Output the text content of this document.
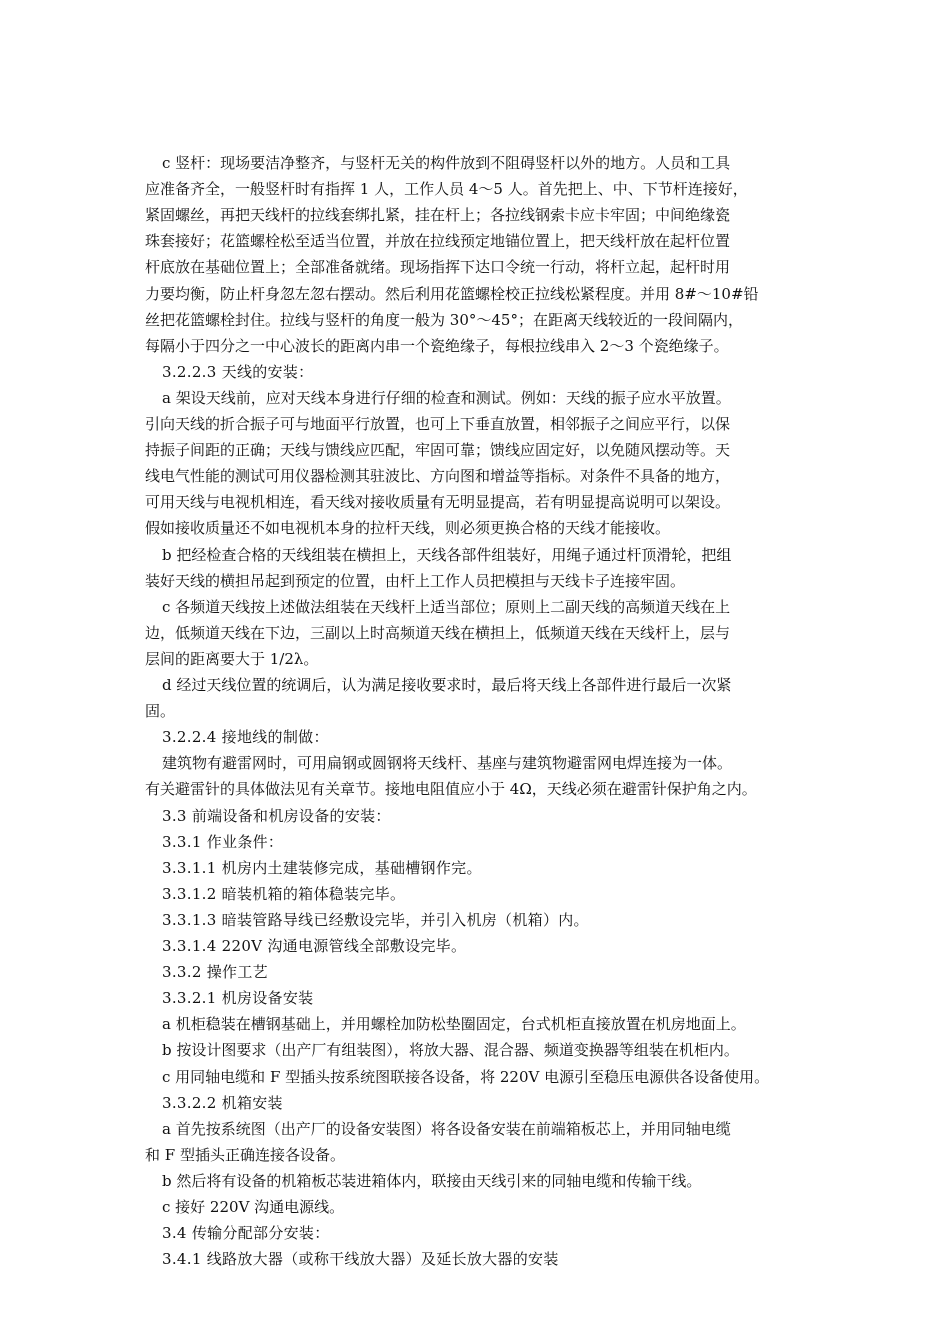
c 竖杆：现场要洁净整齐，与竖杆无关的构件放到不阻碍竖杆以外的地方。人员和工具
应准备齐全，一般竖杆时有指挥 1 人，工作人员 4～5 人。首先把上、中、下节杆连接好，
紧固螺丝，再把天线杆的拉线套绑扎紧，挂在杆上；各拉线钢索卡应卡牢固；中间绝缘瓷
珠套接好；花篮螺栓松至适当位置，并放在拉线预定地锚位置上，把天线杆放在起杆位置
杆底放在基础位置上；全部准备就绪。现场指挥下达口令统一行动，将杆立起，起杆时用
力要均衡，防止杆身忽左忽右摆动。然后利用花篮螺栓校正拉线松紧程度。并用 8#～10#铅
丝把花篮螺栓封住。拉线与竖杆的角度一般为 30°～45°；在距离天线较近的一段间隔内，
每隔小于四分之一中心波长的距离内串一个瓷绝缘子，每根拉线串入 2～3 个瓷绝缘子。
3.2.2.3 天线的安装：
a 架设天线前，应对天线本身进行仔细的检查和测试。例如：天线的振子应水平放置。
引向天线的折合振子可与地面平行放置，也可上下垂直放置，相邻振子之间应平行，以保
持振子间距的正确；天线与馈线应匹配，牢固可靠；馈线应固定好，以免随风摆动等。天
线电气性能的测试可用仪器检测其驻波比、方向图和增益等指标。对条件不具备的地方，
可用天线与电视机相连，看天线对接收质量有无明显提高，若有明显提高说明可以架设。
假如接收质量还不如电视机本身的拉杆天线，则必须更换合格的天线才能接收。
b 把经检查合格的天线组装在横担上，天线各部件组装好，用绳子通过杆顶滑轮，把组
装好天线的横担吊起到预定的位置，由杆上工作人员把模担与天线卡子连接牢固。
c 各频道天线按上述做法组装在天线杆上适当部位；原则上二副天线的高频道天线在上
边，低频道天线在下边，三副以上时高频道天线在横担上，低频道天线在天线杆上，层与
层间的距离要大于 1/2λ。
d 经过天线位置的统调后，认为满足接收要求时，最后将天线上各部件进行最后一次紧
固。
3.2.2.4 接地线的制做：
建筑物有避雷网时，可用扁钢或圆钢将天线杆、基座与建筑物避雷网电焊连接为一体。
有关避雷针的具体做法见有关章节。接地电阻值应小于 4Ω，天线必须在避雷针保护角之内。
3.3 前端设备和机房设备的安装：
3.3.1 作业条件：
3.3.1.1 机房内土建装修完成，基础槽钢作完。
3.3.1.2 暗装机箱的箱体稳装完毕。
3.3.1.3 暗装管路导线已经敷设完毕，并引入机房（机箱）内。
3.3.1.4 220V 沟通电源管线全部敷设完毕。
3.3.2 操作工艺
3.3.2.1 机房设备安装
a 机柜稳装在槽钢基础上，并用螺栓加防松垫圈固定，台式机柜直接放置在机房地面上。
b 按设计图要求（出产厂有组装图），将放大器、混合器、频道变换器等组装在机柜内。
c 用同轴电缆和 F 型插头按系统图联接各设备，将 220V 电源引至稳压电源供各设备使用。
3.3.2.2 机箱安装
a 首先按系统图（出产厂的设备安装图）将各设备安装在前端箱板芯上，并用同轴电缆
和 F 型插头正确连接各设备。
b 然后将有设备的机箱板芯装进箱体内，联接由天线引来的同轴电缆和传输干线。
c 接好 220V 沟通电源线。
3.4 传输分配部分安装：
3.4.1 线路放大器（或称干线放大器）及延长放大器的安装
